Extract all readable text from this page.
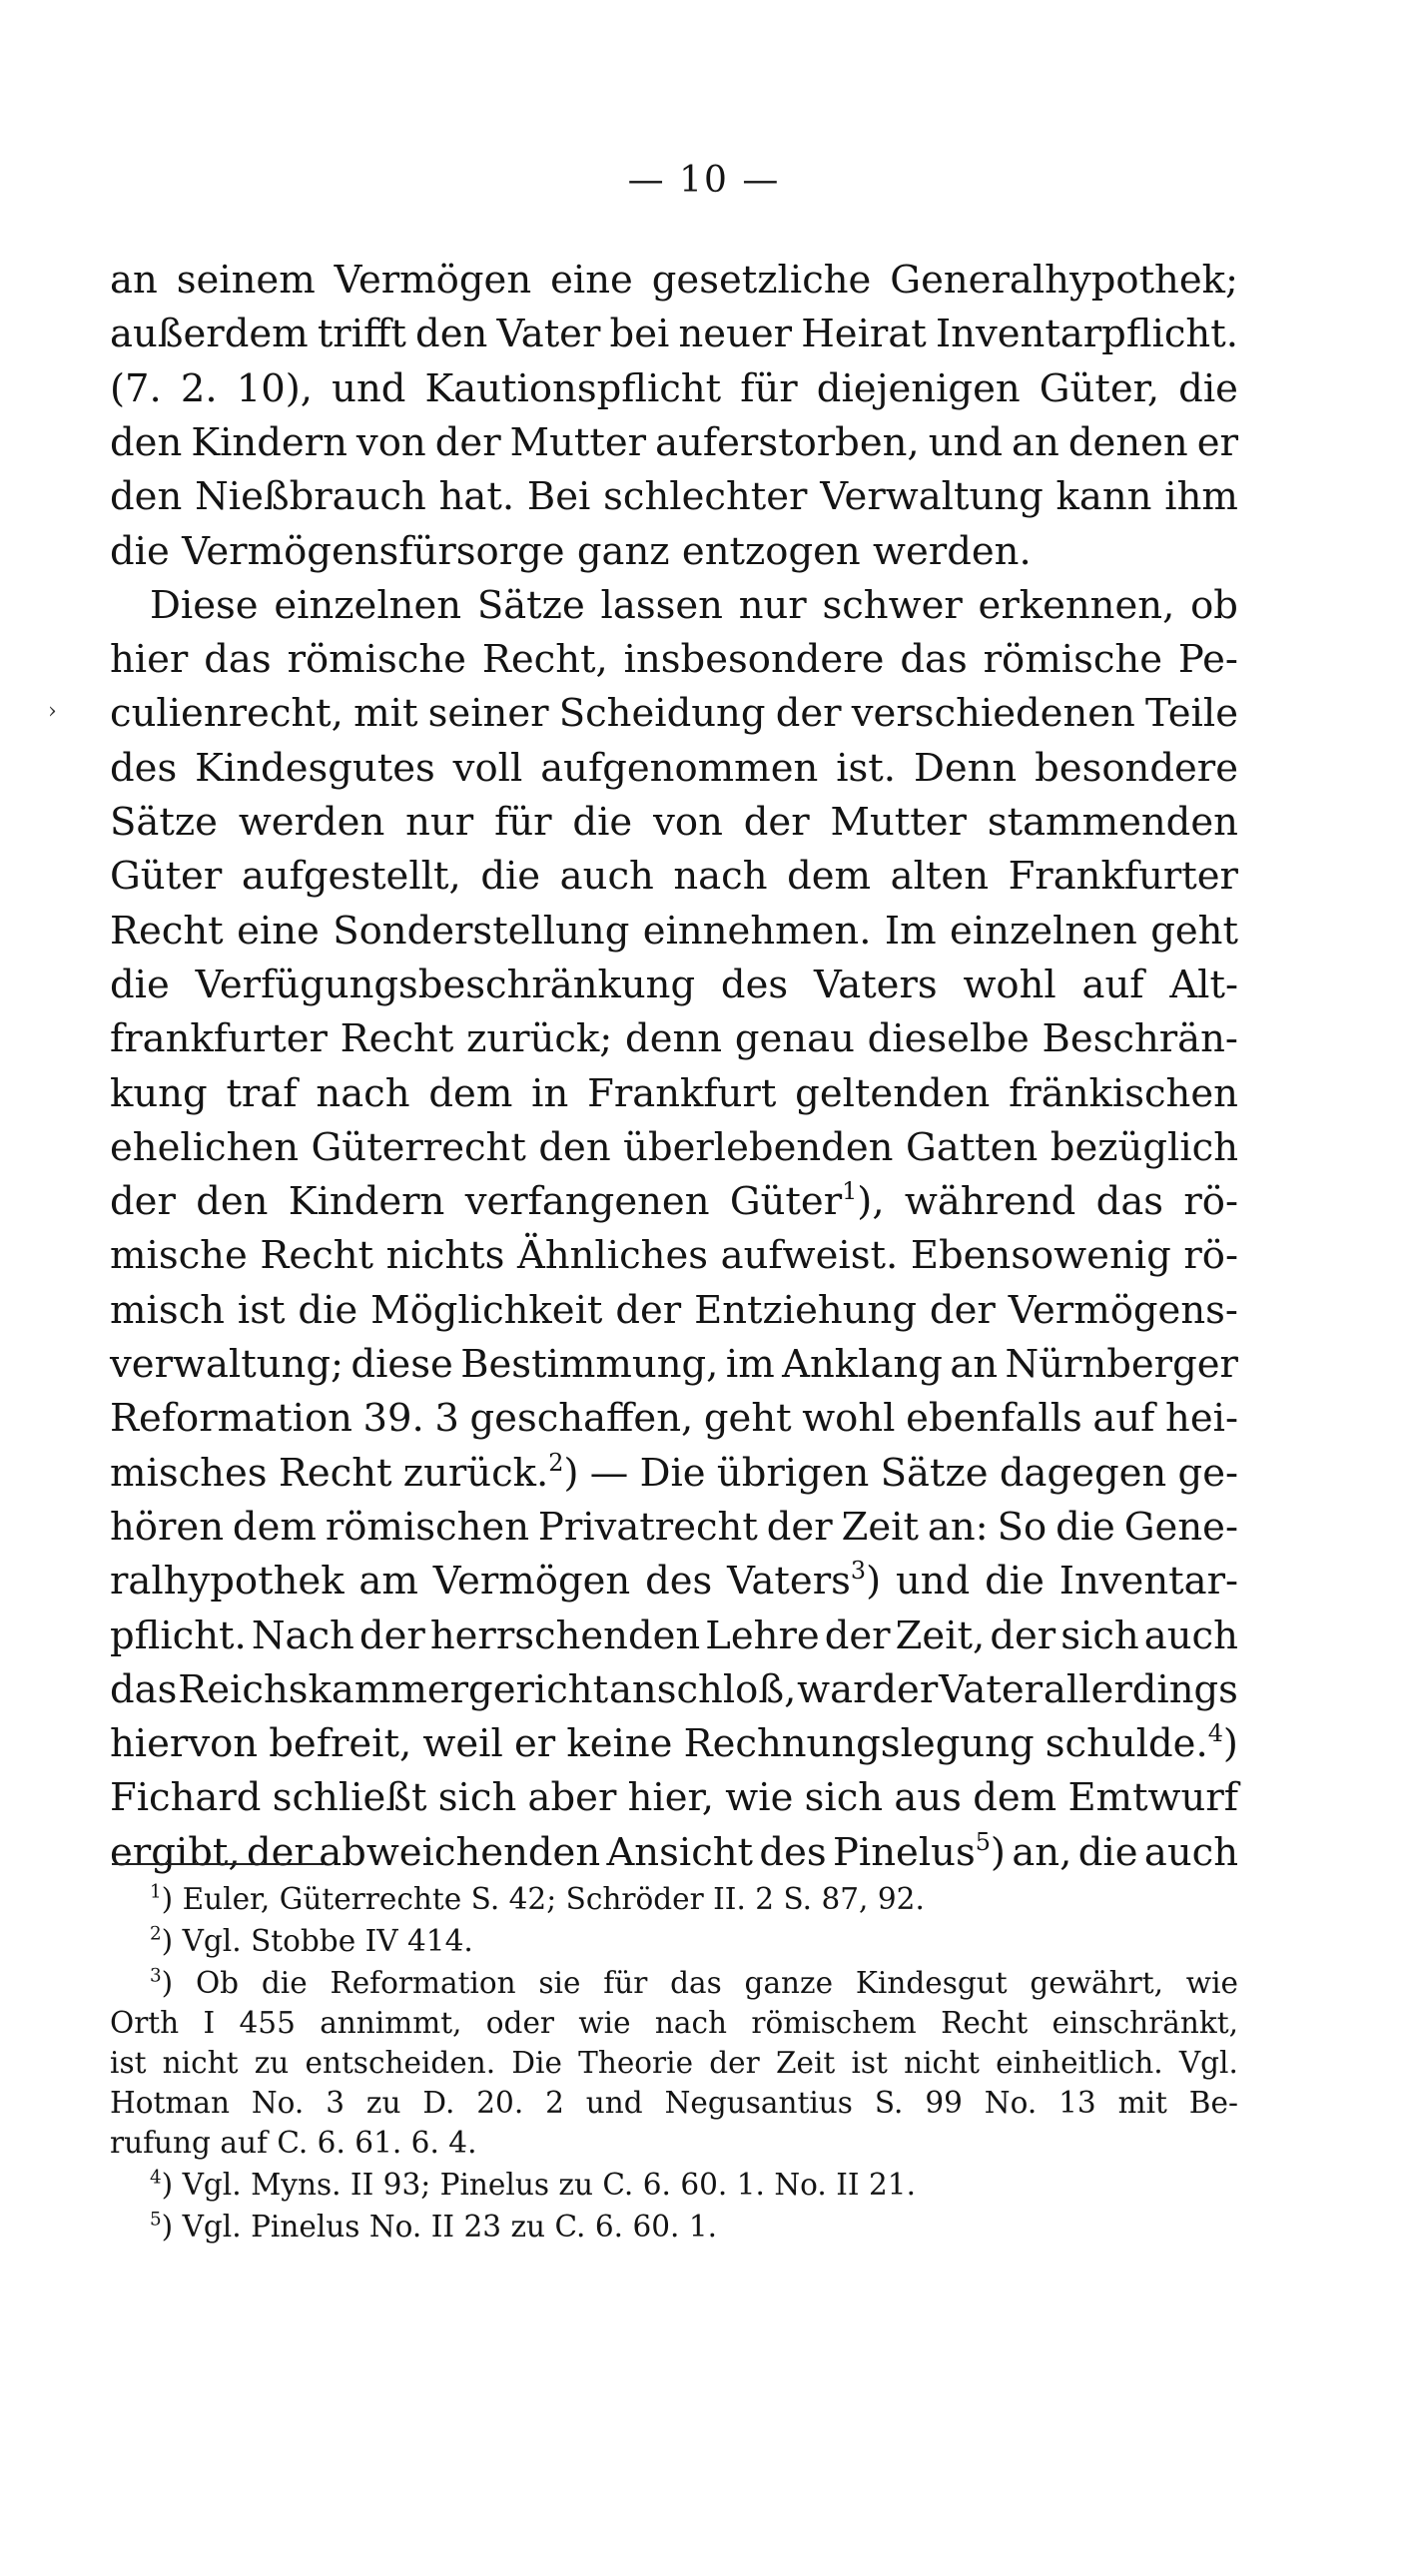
— 10 —
›
an seinem Vermögen eine gesetzliche Generalhypothek;
außerdem trift den Vater bei neuer Heirat Inventarpficht.
(7. 2. 10), und Kautionspficht für diejenigen Güter, die
den Kindern von der Mutter auferstorben, und an denen er
den Nießbrauch hat. Bei schlechter Verwaltung kann ihm
die Vermögensfürsorge ganz entzogen werden.
Diese einzelnen Sätze lassen nur schwer erkennen, ob
hier das römische Recht, insbesondere das römische Pe-
culienrecht, mit seiner Scheidung der verschiedenen Teile
des Kindesgutes voll aufgenommen ist. Denn besondere
Sätze werden nur für die von der Mutter stammenden
Güter aufgestellt, die auch nach dem alten Frankfurter
Recht eine Sonderstellung einnehmen. Im einzelnen geht
die Verfügungsbeschränkung des Vaters wohl auf Alt-
frankfurter Recht zurück; denn genau dieselbe Beschrän-
kung traf nach dem in Frankfurt geltenden fränkischen
ehelichen Güterrecht den überlebenden Gatten bezüglich
der den Kindern verfangenen Güter$^1$), während das rö-
mische Recht nichts Ähnliches aufweist. Ebensowenig rö-
misch ist die Möglichkeit der Entziehung der Vermögens-
verwaltung; diese Bestimmung, im Anklang an Nürnberger
Reformation 39. 3 geschafen, geht wohl ebenfalls auf hei-
misches Recht zurück.$^2$) — Die übrigen Sätze dagegen ge-
hören dem römischen Privatrecht der Zeit an: So die Gene-
ralhypothek am Vermögen des Vaters$^3$) und die Inventar-
pficht. Nach der herrschenden Lehre der Zeit, der sich auch
das Reichskammergericht anschloß, war der Vater allerdings
hiervon befreit, weil er keine Rechnungslegung schulde.$^4$)
Fichard schließt sich aber hier, wie sich aus dem Emtwurf
ergibt, der abweichenden Ansicht des Pinelus$^5$) an, die auch
$^1$) Euler, Güterrechte S. 42; Schröder II. 2 S. 87, 92.
$^2$) Vgl. Stobbe IV 414.
$^3$) Ob die Reformation sie für das ganze Kindesgut gewährt, wie
Orth I 455 annimmt, oder wie nach römischem Recht einschränkt,
ist nicht zu entscheiden. Die Theorie der Zeit ist nicht einheitlich. Vgl.
Hotman No. 3 zu D. 20. 2 und Negusantius S. 99 No. 13 mit Be-
rufung auf C. 6. 61. 6. 4.
$^4$) Vgl. Myns. II 93; Pinelus zu C. 6. 60. 1. No. II 21.
$^5$) Vgl. Pinelus No. II 23 zu C. 6. 60. 1.
